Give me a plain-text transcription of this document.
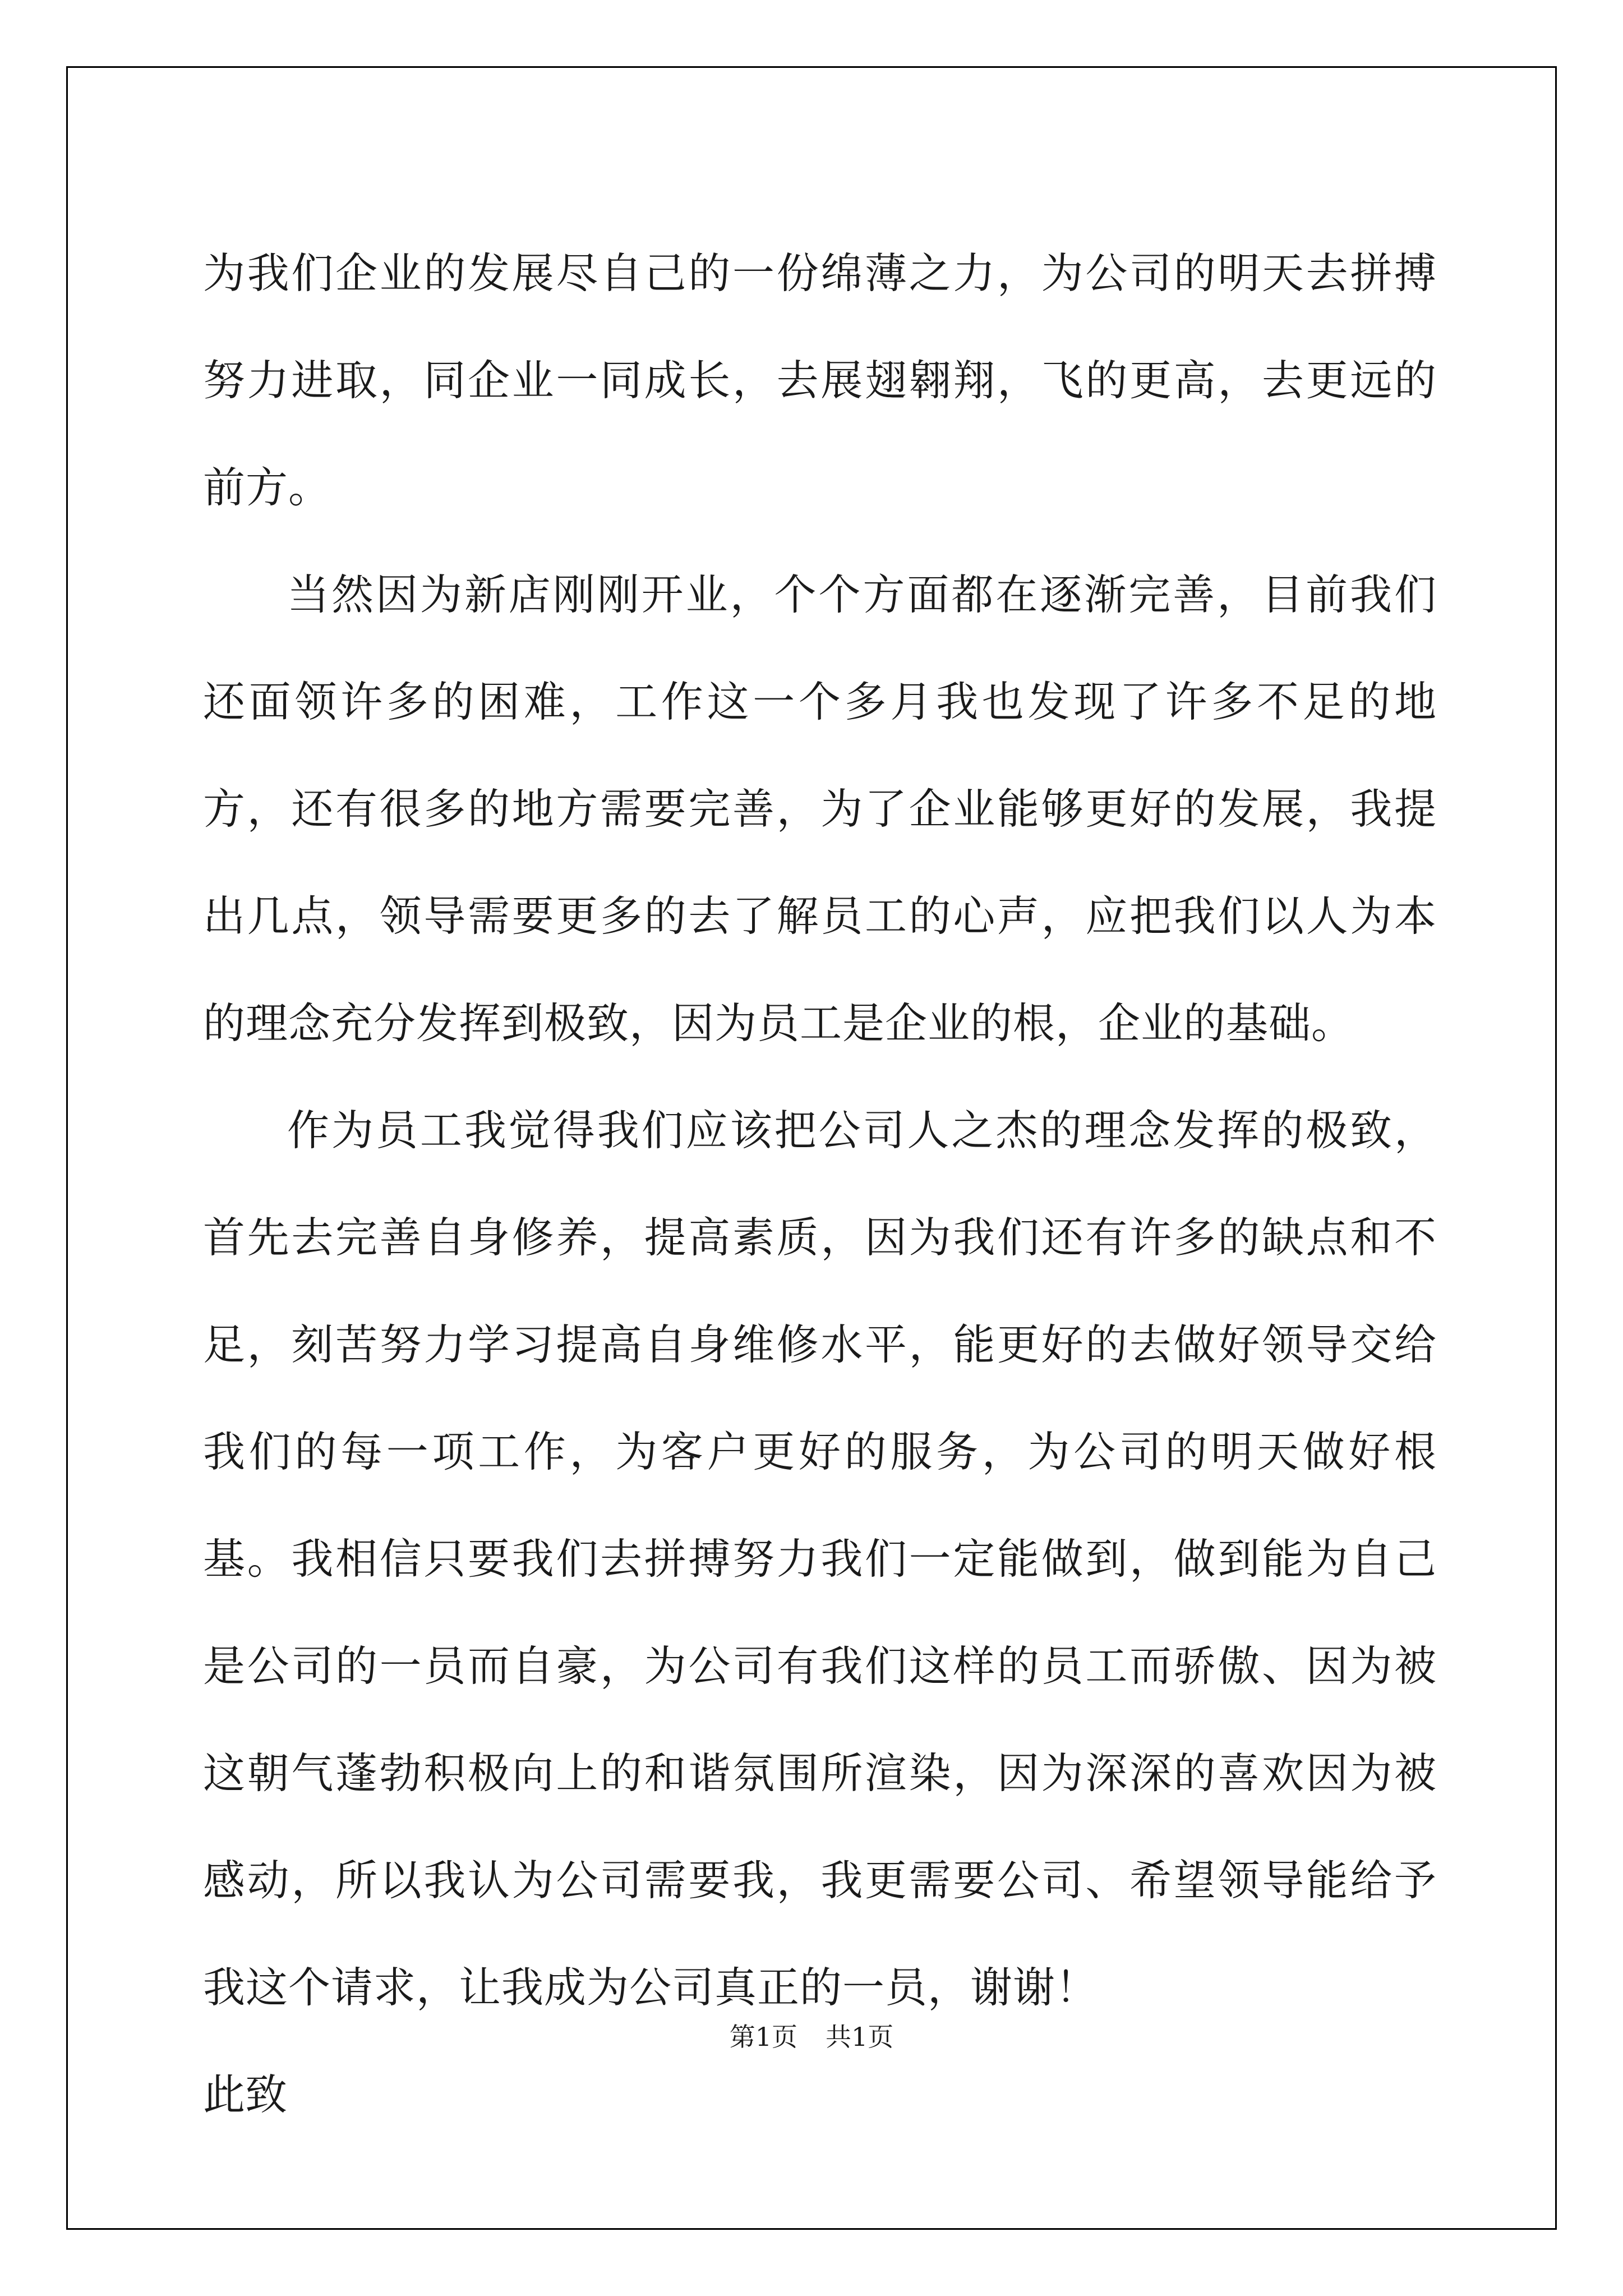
为我们企业的发展尽自己的一份绵薄之力，为公司的明天去拼搏努力进取，同企业一同成长，去展翅翱翔，飞的更高，去更远的前方。

当然因为新店刚刚开业，个个方面都在逐渐完善，目前我们还面领许多的困难，工作这一个多月我也发现了许多不足的地方，还有很多的地方需要完善，为了企业能够更好的发展，我提出几点，领导需要更多的去了解员工的心声，应把我们以人为本的理念充分发挥到极致，因为员工是企业的根，企业的基础。

作为员工我觉得我们应该把公司人之杰的理念发挥的极致，首先去完善自身修养，提高素质，因为我们还有许多的缺点和不足，刻苦努力学习提高自身维修水平，能更好的去做好领导交给我们的每一项工作，为客户更好的服务，为公司的明天做好根基。我相信只要我们去拼搏努力我们一定能做到，做到能为自己是公司的一员而自豪，为公司有我们这样的员工而骄傲、因为被这朝气蓬勃积极向上的和谐氛围所渲染，因为深深的喜欢因为被感动，所以我认为公司需要我，我更需要公司、希望领导能给予我这个请求，让我成为公司真正的一员，谢谢！

此致

第1页 共1页
